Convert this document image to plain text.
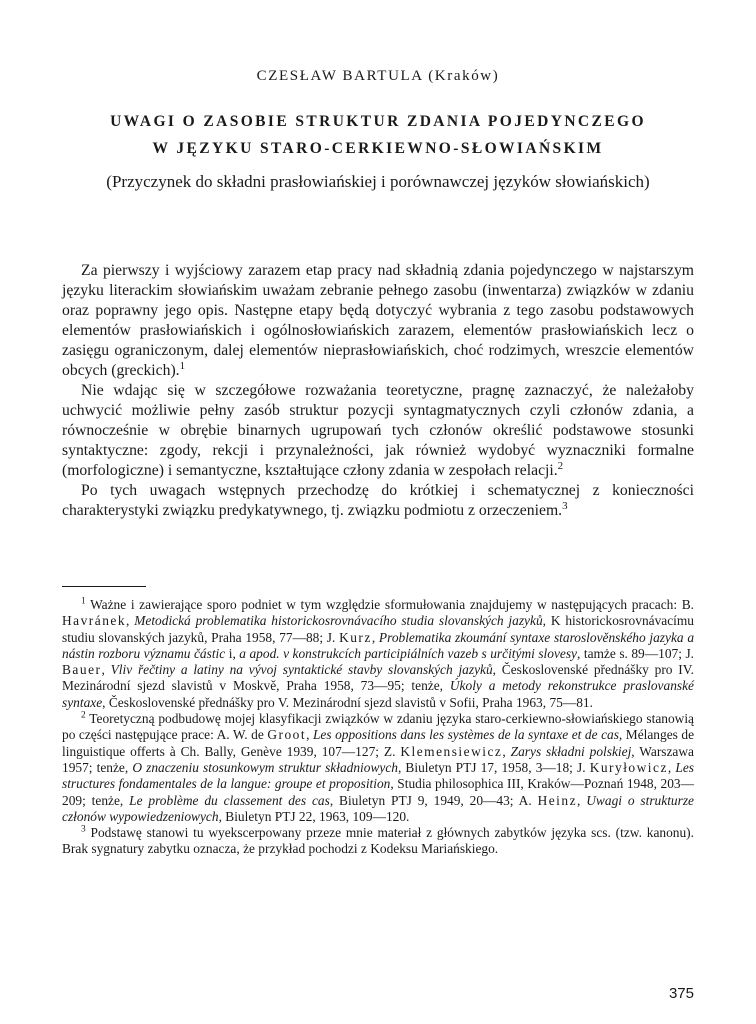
CZESŁAW BARTULA (Kraków)
UWAGI O ZASOBIE STRUKTUR ZDANIA POJEDYNCZEGO
W JĘZYKU STARO-CERKIEWNO-SŁOWIAŃSKIM
(Przyczynek do składni prasłowiańskiej i porównawczej języków słowiańskich)

Za pierwszy i wyjściowy zarazem etap pracy nad składnią zdania pojedynczego w najstarszym języku literackim słowiańskim uważam zebranie pełnego zasobu (inwentarza) związków w zdaniu oraz poprawny jego opis. Następne etapy będą dotyczyć wybrania z tego zasobu podstawowych elementów prasłowiańskich i ogólnosłowiańskich zarazem, elementów prasłowiańskich lecz o zasięgu ograniczonym, dalej elementów nieprasłowiańskich, choć rodzimych, wreszcie elementów obcych (greckich).$^1$

Nie wdając się w szczegółowe rozważania teoretyczne, pragnę zaznaczyć, że należałoby uchwycić możliwie pełny zasób struktur pozycji syntagmatycznych czyli członów zdania, a równocześnie w obrębie binarnych ugrupowań tych członów określić podstawowe stosunki syntaktyczne: zgody, rekcji i przynależności, jak również wydobyć wyznaczniki formalne (morfologiczne) i semantyczne, kształtujące człony zdania w zespołach relacji.$^2$

Po tych uwagach wstępnych przechodzę do krótkiej i schematycznej z konieczności charakterystyki związku predykatywnego, tj. związku podmiotu z orzeczeniem.$^3$

$^1$ Ważne i zawierające sporo podniet w tym względzie sformułowania znajdujemy w następujących pracach: B. Havránek, Metodická problematika historickosrovnávacího studia slovanských jazyků, K historickosrovnávacímu studiu slovanských jazyků, Praha 1958, 77—88; J. Kurz, Problematika zkoumání syntaxe staroslověnského jazyka a nástin rozboru významu částic i, a apod. v konstrukcích participiálních vazeb s určitými slovesy, tamże s. 89—107; J. Bauer, Vliv řečtiny a latiny na vývoj syntaktické stavby slovanských jazyků, Československé přednášky pro IV. Mezinárodní sjezd slavistů v Moskvě, Praha 1958, 73—95; tenże, Úkoly a metody rekonstrukce praslovanské syntaxe, Československé přednášky pro V. Mezinárodní sjezd slavistů v Sofii, Praha 1963, 75—81.

$^2$ Teoretyczną podbudowę mojej klasyfikacji związków w zdaniu języka staro-cerkiewno-słowiańskiego stanowią po części następujące prace: A. W. de Groot, Les oppositions dans les systèmes de la syntaxe et de cas, Mélanges de linguistique offerts à Ch. Bally, Genève 1939, 107—127; Z. Klemensiewicz, Zarys składni polskiej, Warszawa 1957; tenże, O znaczeniu stosunkowym struktur składniowych, Biuletyn PTJ 17, 1958, 3—18; J. Kuryłowicz, Les structures fondamentales de la langue: groupe et proposition, Studia philosophica III, Kraków—Poznań 1948, 203—209; tenże, Le problème du classement des cas, Biuletyn PTJ 9, 1949, 20—43; A. Heinz, Uwagi o strukturze członów wypowiedzeniowych, Biuletyn PTJ 22, 1963, 109—120.

$^3$ Podstawę stanowi tu wyekscerpowany przeze mnie materiał z głównych zabytków języka scs. (tzw. kanonu). Brak sygnatury zabytku oznacza, że przykład pochodzi z Kodeksu Mariańskiego.

375
